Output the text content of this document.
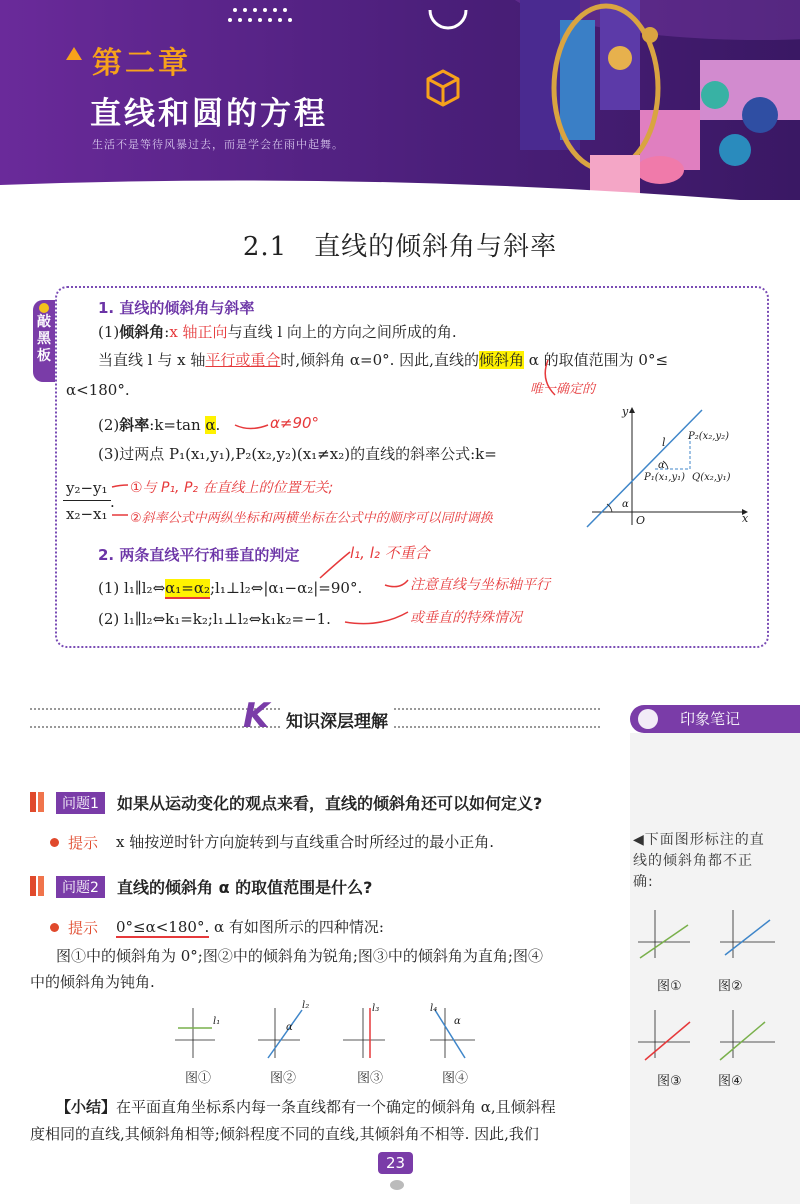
第二章
直线和圆的方程
生活不是等待风暴过去，而是学会在雨中起舞。
2.1　直线的倾斜角与斜率
敲黑板
1. 直线的倾斜角与斜率
(1)倾斜角:x 轴正向与直线 l 向上的方向之间所成的角.
当直线 l 与 x 轴平行或重合时,倾斜角 α=0°. 因此,直线的倾斜角 α 的取值范围为 0°≤
α<180°.	唯一确定的
(2)斜率:k=tan α.	α≠90°
(3)过两点 P₁(x₁,y₁),P₂(x₂,y₂)(x₁≠x₂)的直线的斜率公式:k=
y₂−y₁
x₂−x₁
.
①与 P₁, P₂ 在直线上的位置无关;
②斜率公式中两纵坐标和两横坐标在公式中的顺序可以同时调换
2. 两条直线平行和垂直的判定	l₁, l₂ 不重合
(1) l₁∥l₂⇔α₁=α₂;l₁⊥l₂⇔|α₁−α₂|=90°.
(2) l₁∥l₂⇔k₁=k₂;l₁⊥l₂⇔k₁k₂=−1.
注意直线与坐标轴平行
或垂直的特殊情况
y
x
O
l
α
α
P₂(x₂,y₂)
P₁(x₁,y₁) Q(x₂,y₁)
K 知识深层理解	印象笔记
◀下面图形标注的直线的倾斜角都不正确:
图①	图②
图③	图④
问题1	如果从运动变化的观点来看，直线的倾斜角还可以如何定义?
提示 x 轴按逆时针方向旋转到与直线重合时所经过的最小正角.
问题2	直线的倾斜角 α 的取值范围是什么?
提示 0°≤α<180°. α 有如图所示的四种情况:
图①中的倾斜角为 0°;图②中的倾斜角为锐角;图③中的倾斜角为直角;图④
中的倾斜角为钝角.
l₁
l₂	l₃	l₄
α
α
图①	图②	图③	图④
【小结】在平面直角坐标系内每一条直线都有一个确定的倾斜角 α,且倾斜程
度相同的直线,其倾斜角相等;倾斜程度不同的直线,其倾斜角不相等. 因此,我们
23
